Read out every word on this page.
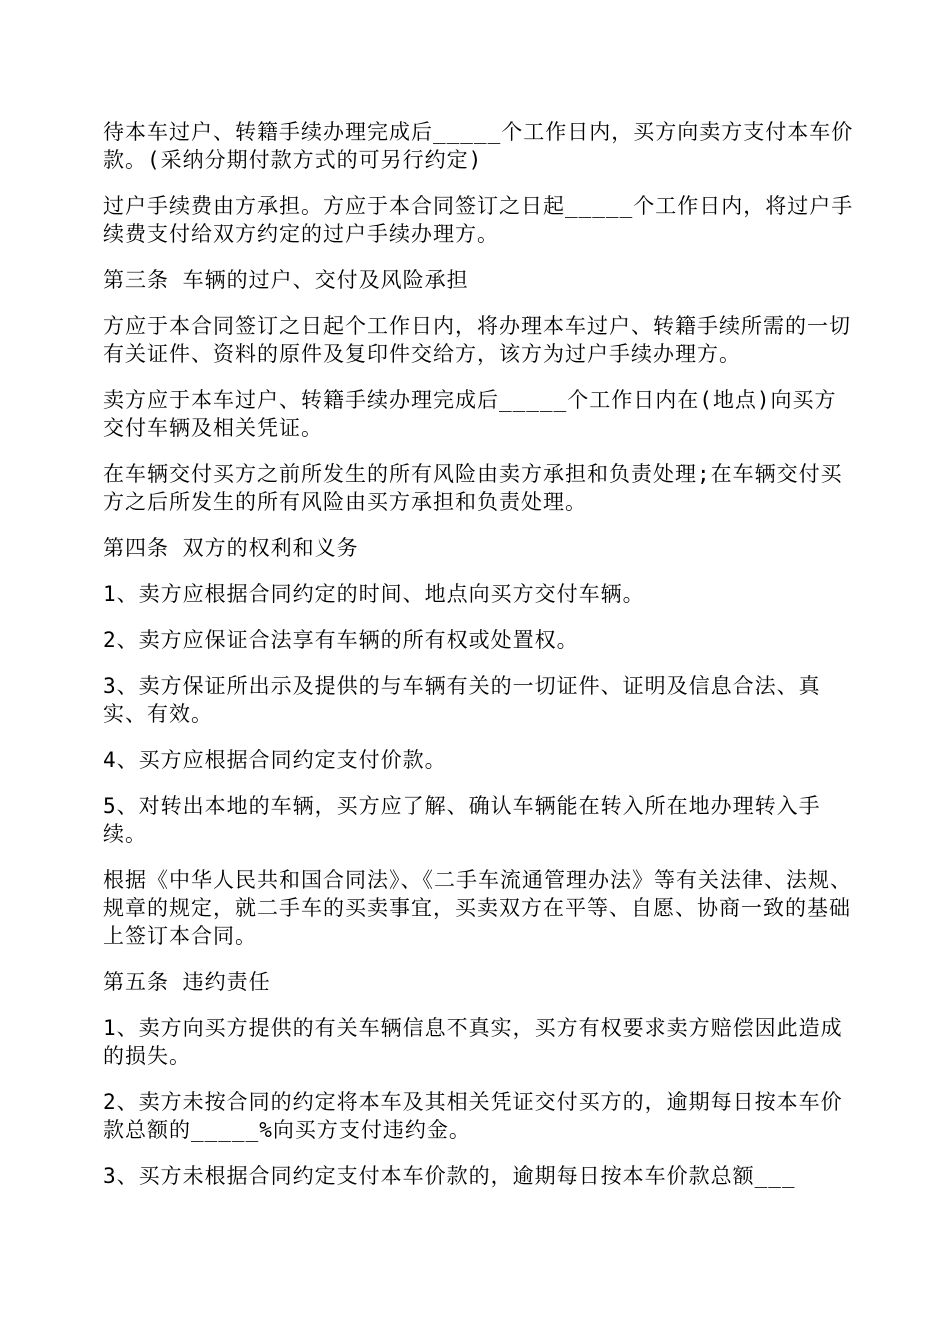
待本车过户、转籍手续办理完成后_____个工作日内，买方向卖方支付本车价款。(采纳分期付款方式的可另行约定)

过户手续费由方承担。方应于本合同签订之日起_____个工作日内，将过户手续费支付给双方约定的过户手续办理方。

第三条 车辆的过户、交付及风险承担

方应于本合同签订之日起个工作日内，将办理本车过户、转籍手续所需的一切有关证件、资料的原件及复印件交给方，该方为过户手续办理方。

卖方应于本车过户、转籍手续办理完成后_____个工作日内在(地点)向买方交付车辆及相关凭证。

在车辆交付买方之前所发生的所有风险由卖方承担和负责处理;在车辆交付买方之后所发生的所有风险由买方承担和负责处理。

第四条 双方的权利和义务

1、卖方应根据合同约定的时间、地点向买方交付车辆。

2、卖方应保证合法享有车辆的所有权或处置权。

3、卖方保证所出示及提供的与车辆有关的一切证件、证明及信息合法、真实、有效。

4、买方应根据合同约定支付价款。

5、对转出本地的车辆，买方应了解、确认车辆能在转入所在地办理转入手续。

根据《中华人民共和国合同法》、《二手车流通管理办法》等有关法律、法规、规章的规定，就二手车的买卖事宜，买卖双方在平等、自愿、协商一致的基础上签订本合同。

第五条 违约责任

1、卖方向买方提供的有关车辆信息不真实，买方有权要求卖方赔偿因此造成的损失。

2、卖方未按合同的约定将本车及其相关凭证交付买方的，逾期每日按本车价款总额的_____%向买方支付违约金。

3、买方未根据合同约定支付本车价款的，逾期每日按本车价款总额___
